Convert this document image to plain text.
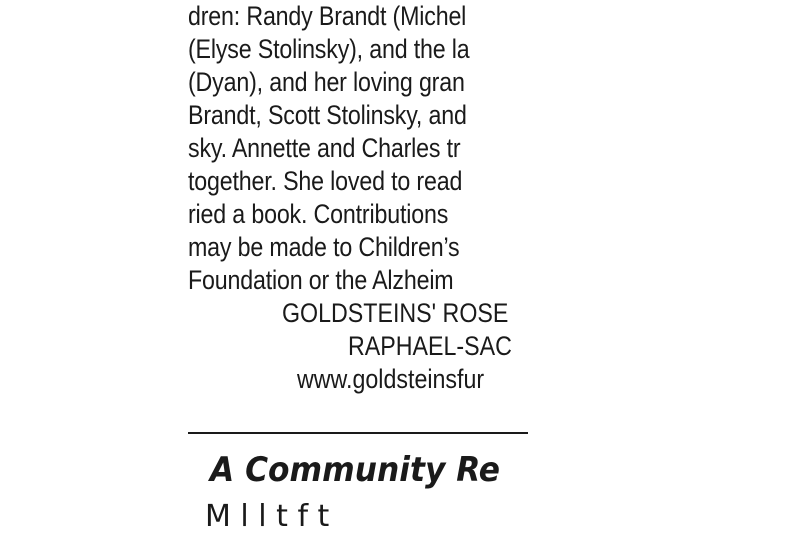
dren: Randy Brandt (Michel
(Elyse Stolinsky), and the la
(Dyan), and her loving gran
Brandt, Scott Stolinsky, and
sky. Annette and Charles tr
together. She loved to read
ried a book. Contributions
may be made to Children’s
Foundation or the Alzheim
GOLDSTEINS' ROSE
RAPHAEL-SAC
www.goldsteinsfur
A Community Re
M l l t f t
